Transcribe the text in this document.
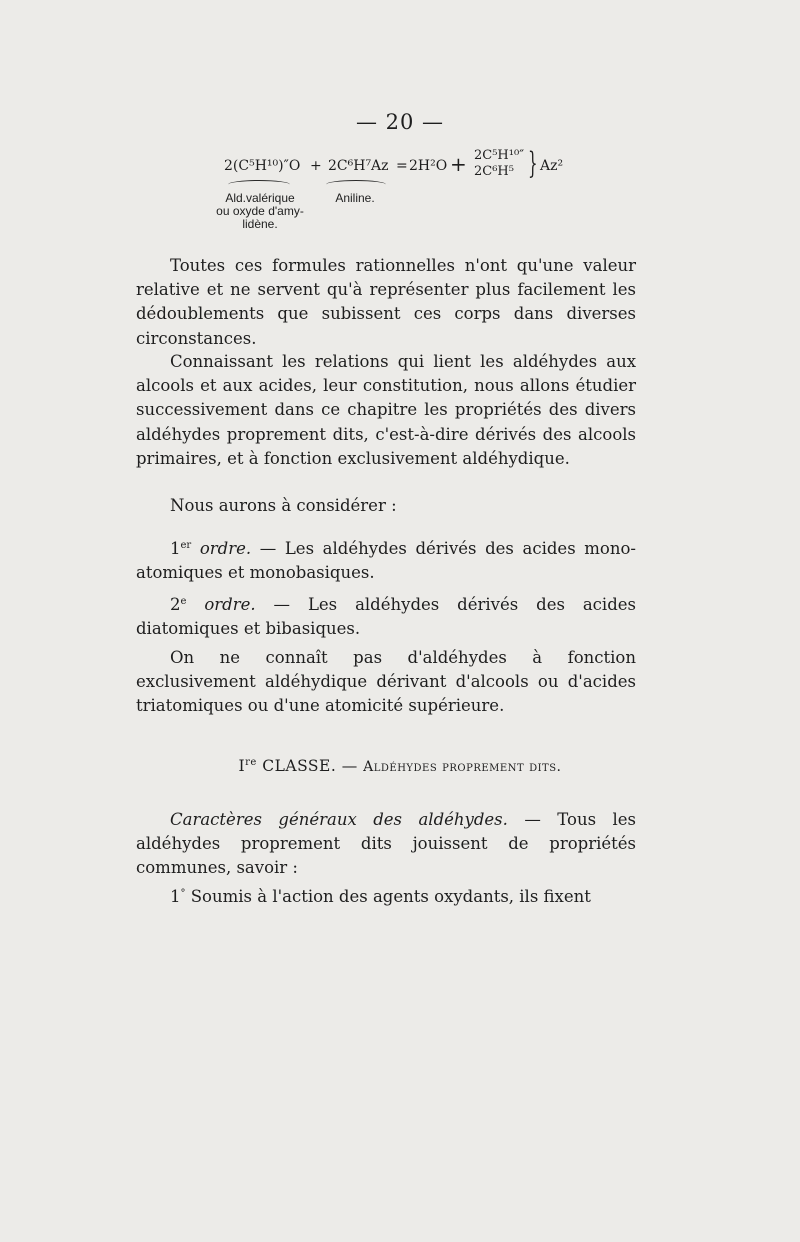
— 20 —
2(C⁵H¹⁰)″O + 2C⁶H⁷Az = 2H²O + 2C⁵H¹⁰″
2C⁶H⁵ } Az²
Ald.valérique
ou oxyde d'amy-
lidène.
Aniline.

Toutes ces formules rationnelles n'ont qu'une valeur relative et ne servent qu'à représenter plus facilement les dédoublements que subissent ces corps dans diverses circonstances.

Connaissant les relations qui lient les aldéhydes aux alcools et aux acides, leur constitution, nous allons étudier successivement dans ce chapitre les propriétés des divers aldéhydes proprement dits, c'est-à-dire dérivés des alcools primaires, et à fonction exclusivement aldéhydique.

Nous aurons à considérer :

1er ordre. — Les aldéhydes dérivés des acides mono-atomiques et monobasiques.

2e ordre. — Les aldéhydes dérivés des acides diatomiques et bibasiques.

On ne connaît pas d'aldéhydes à fonction exclusivement aldéhydique dérivant d'alcools ou d'acides triatomiques ou d'une atomicité supérieure.

Ire CLASSE. — Aldéhydes proprement dits.

Caractères généraux des aldéhydes. — Tous les aldéhydes proprement dits jouissent de propriétés communes, savoir :

1° Soumis à l'action des agents oxydants, ils fixent
